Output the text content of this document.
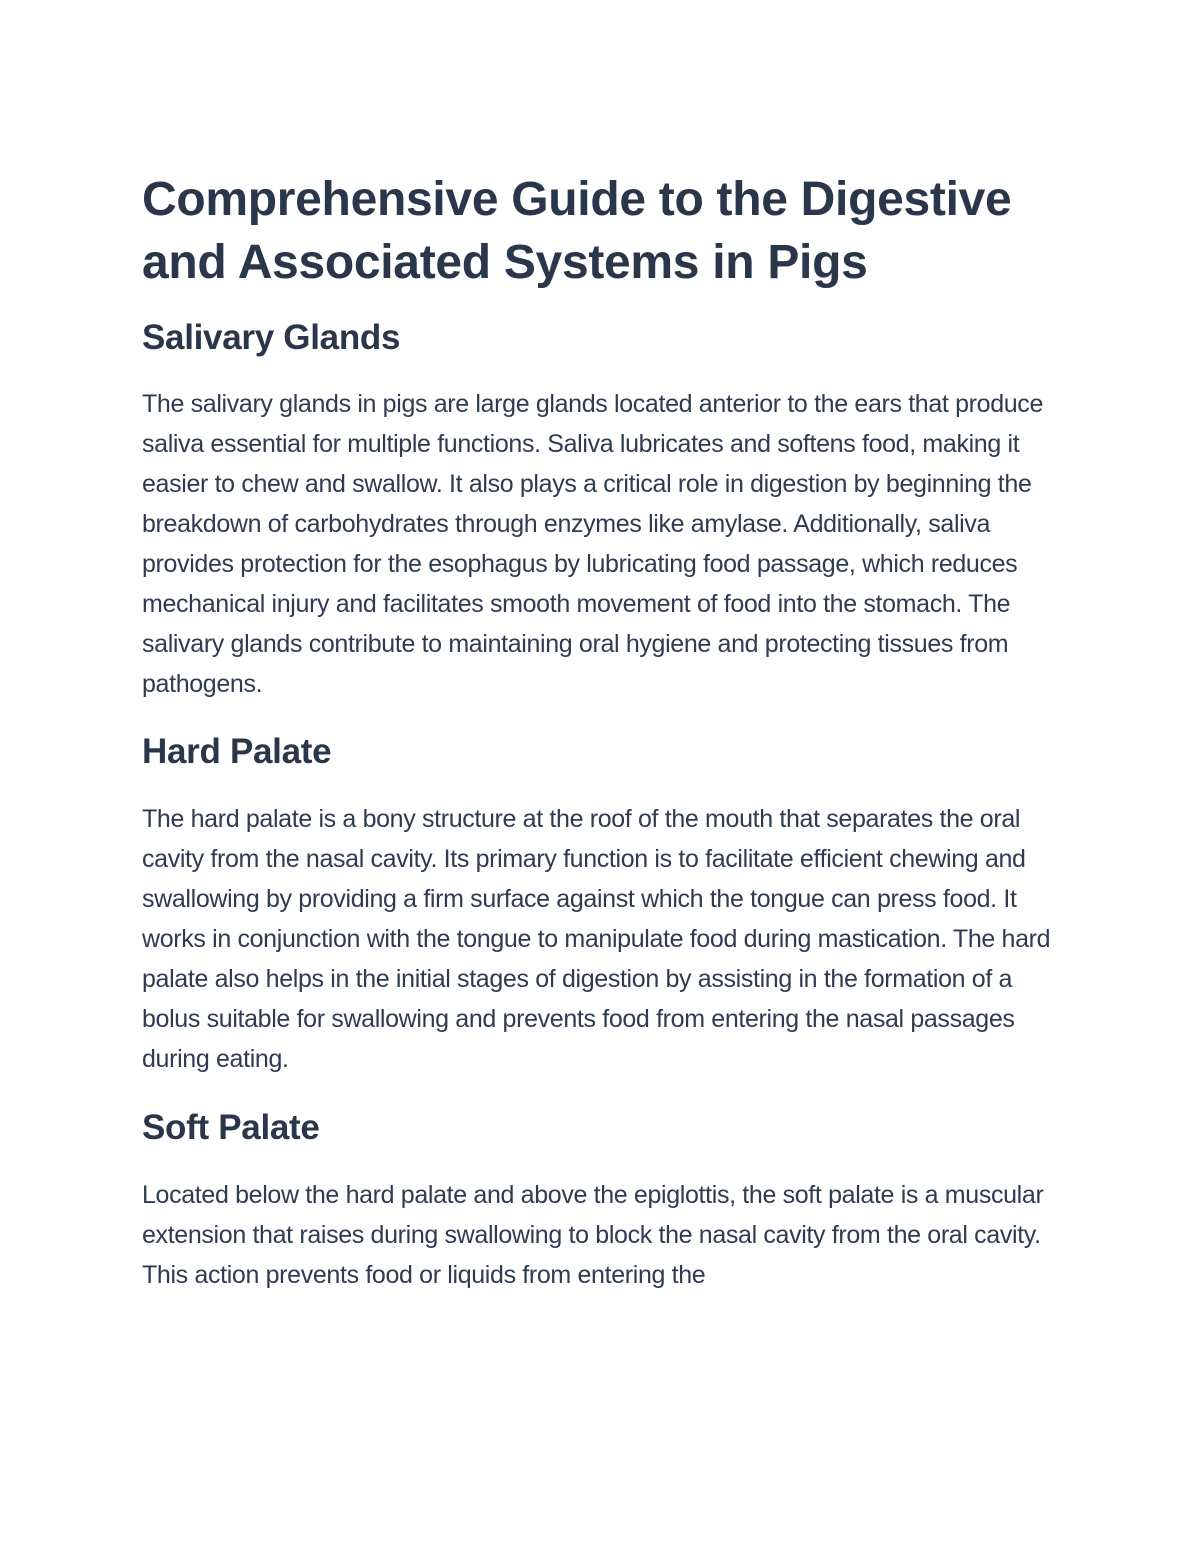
Comprehensive Guide to the Digestive and Associated Systems in Pigs
Salivary Glands

The salivary glands in pigs are large glands located anterior to the ears that produce saliva essential for multiple functions. Saliva lubricates and softens food, making it easier to chew and swallow. It also plays a critical role in digestion by beginning the breakdown of carbohydrates through enzymes like amylase. Additionally, saliva provides protection for the esophagus by lubricating food passage, which reduces mechanical injury and facilitates smooth movement of food into the stomach. The salivary glands contribute to maintaining oral hygiene and protecting tissues from pathogens.

Hard Palate

The hard palate is a bony structure at the roof of the mouth that separates the oral cavity from the nasal cavity. Its primary function is to facilitate efficient chewing and swallowing by providing a firm surface against which the tongue can press food. It works in conjunction with the tongue to manipulate food during mastication. The hard palate also helps in the initial stages of digestion by assisting in the formation of a bolus suitable for swallowing and prevents food from entering the nasal passages during eating.

Soft Palate

Located below the hard palate and above the epiglottis, the soft palate is a muscular extension that raises during swallowing to block the nasal cavity from the oral cavity. This action prevents food or liquids from entering the
